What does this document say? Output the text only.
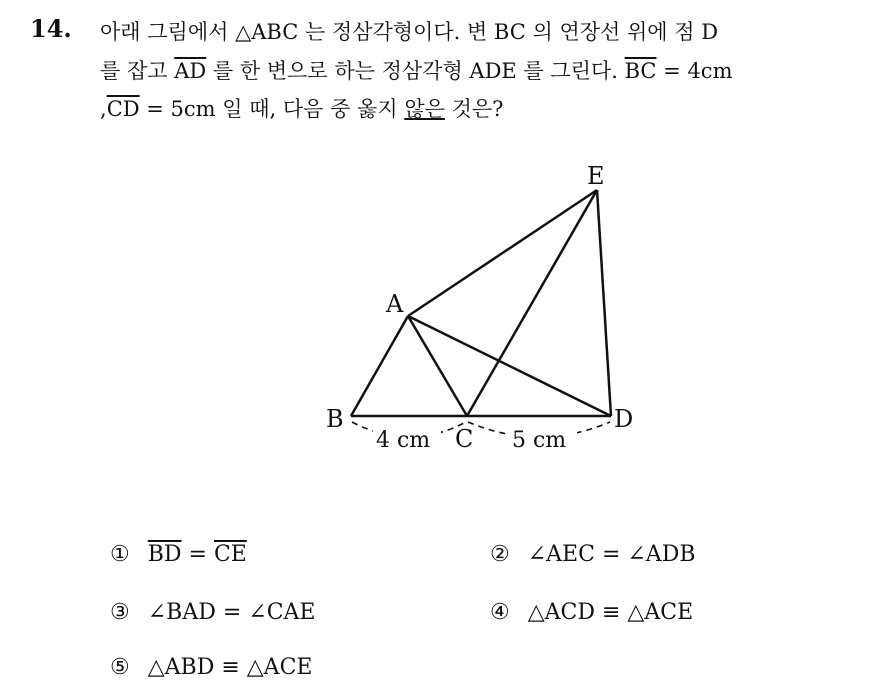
14. 아래 그림에서 △ABC 는 정삼각형이다. 변 BC 의 연장선 위에 점 D
를 잡고 $\overline{AD}$ 를 한 변으로 하는 정삼각형 ADE 를 그린다. $\overline{BC} = 4cm$
$,\overline{CD} = 5cm$ 일 때, 다음 중 옳지 않은 것은?
A
B
C
D
E
4 cm	5 cm
① $\overline{BD} = \overline{CE}$	② ∠AEC = ∠ADB
③ ∠BAD = ∠CAE	④ △ACD ≡ △ACE
⑤ △ABD ≡ △ACE
